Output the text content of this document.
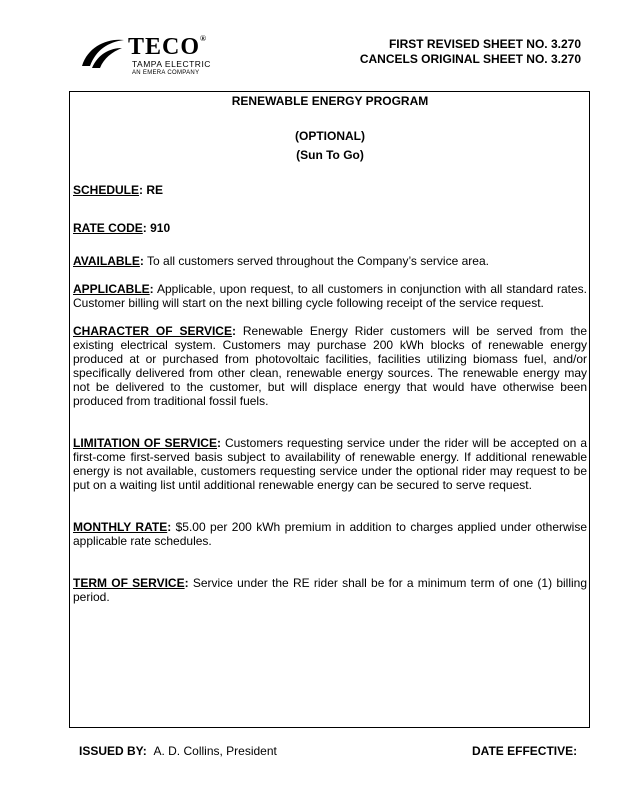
TECO®
TAMPA ELECTRIC
AN EMERA COMPANY
FIRST REVISED SHEET NO. 3.270
CANCELS ORIGINAL SHEET NO. 3.270
RENEWABLE ENERGY PROGRAM
(OPTIONAL)
(Sun To Go)
SCHEDULE: RE
RATE CODE: 910
AVAILABLE: To all customers served throughout the Company’s service area.
APPLICABLE: Applicable, upon request, to all customers in conjunction with all standard rates. Customer billing will start on the next billing cycle following receipt of the service request.
CHARACTER OF SERVICE: Renewable Energy Rider customers will be served from the existing electrical system. Customers may purchase 200 kWh blocks of renewable energy produced at or purchased from photovoltaic facilities, facilities utilizing biomass fuel, and/or specifically delivered from other clean, renewable energy sources. The renewable energy may not be delivered to the customer, but will displace energy that would have otherwise been produced from traditional fossil fuels.
LIMITATION OF SERVICE: Customers requesting service under the rider will be accepted on a first-come first-served basis subject to availability of renewable energy. If additional renewable energy is not available, customers requesting service under the optional rider may request to be put on a waiting list until additional renewable energy can be secured to serve request.
MONTHLY RATE: $5.00 per 200 kWh premium in addition to charges applied under otherwise applicable rate schedules.
TERM OF SERVICE: Service under the RE rider shall be for a minimum term of one (1) billing period.
ISSUED BY: A. D. Collins, President	DATE EFFECTIVE:
